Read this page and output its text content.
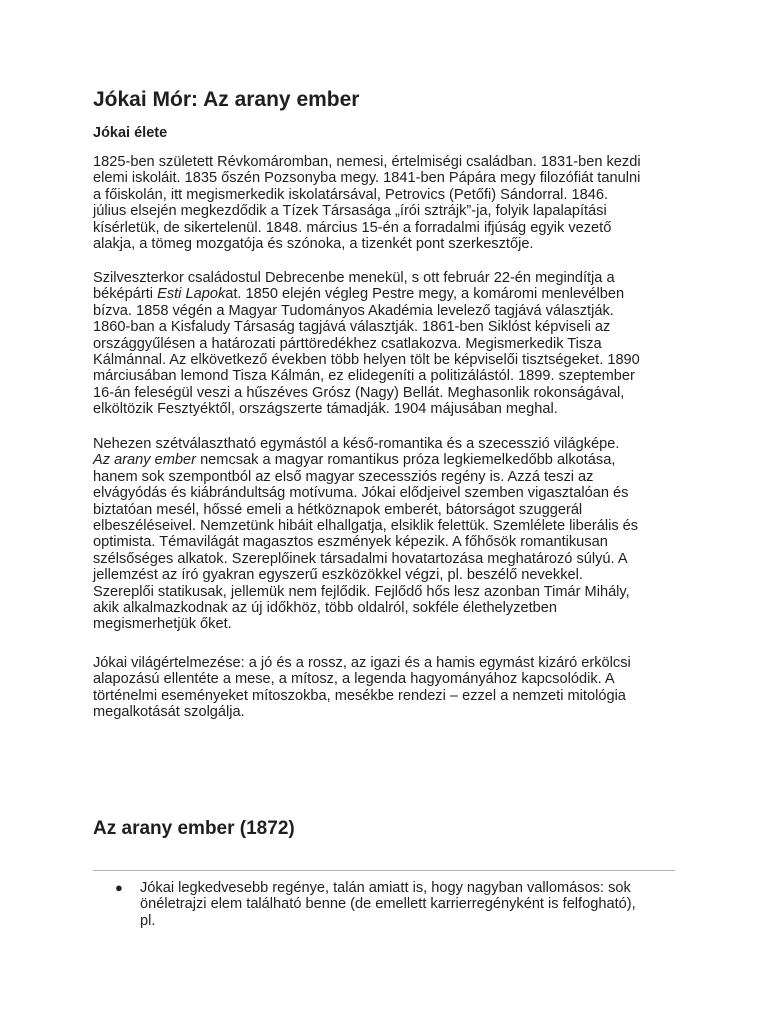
Jókai Mór: Az arany ember
Jókai élete

1825-ben született Révkomáromban, nemesi, értelmiségi családban. 1831-ben kezdi
elemi iskoláit. 1835 őszén Pozsonyba megy. 1841-ben Pápára megy filozófiát tanulni
a főiskolán, itt megismerkedik iskolatársával, Petrovics (Petőfi) Sándorral. 1846.
július elsején megkezdődik a Tízek Társasága „írói sztrájk”-ja, folyik lapalapítási
kísérletük, de sikertelenül. 1848. március 15-én a forradalmi ifjúság egyik vezető
alakja, a tömeg mozgatója és szónoka, a tizenkét pont szerkesztője.

Szilveszterkor családostul Debrecenbe menekül, s ott február 22-én megindítja a
béképárti Esti Lapokat. 1850 elején végleg Pestre megy, a komáromi menlevélben
bízva. 1858 végén a Magyar Tudományos Akadémia levelező tagjává választják.
1860-ban a Kisfaludy Társaság tagjává választják. 1861-ben Siklóst képviseli az
országgyűlésen a határozati párttöredékhez csatlakozva. Megismerkedik Tisza
Kálmánnal. Az elkövetkező években több helyen tölt be képviselői tisztségeket. 1890
márciusában lemond Tisza Kálmán, ez elidegeníti a politizálástól. 1899. szeptember
16-án feleségül veszi a hűszéves Grósz (Nagy) Bellát. Meghasonlik rokonságával,
elköltözik Fesztyéktől, országszerte támadják. 1904 májusában meghal.

Nehezen szétválasztható egymástól a késő-romantika és a szecesszió világképe.
Az arany ember nemcsak a magyar romantikus próza legkiemelkedőbb alkotása,
hanem sok szempontból az első magyar szecessziós regény is. Azzá teszi az
elvágyódás és kiábrándultság motívuma. Jókai elődjeivel szemben vigasztalóan és
biztatóan mesél, hőssé emeli a hétköznapok emberét, bátorságot szuggerál
elbeszéléseivel. Nemzetünk hibáit elhallgatja, elsiklik felettük. Szemlélete liberális és
optimista. Témavilágát magasztos eszmények képezik. A főhősök romantikusan
szélsőséges alkatok. Szereplőinek társadalmi hovatartozása meghatározó súlyú. A
jellemzést az író gyakran egyszerű eszközökkel végzi, pl. beszélő nevekkel.
Szereplői statikusak, jellemük nem fejlődik. Fejlődő hős lesz azonban Timár Mihály,
akik alkalmazkodnak az új időkhöz, több oldalról, sokféle élethelyzetben
megismerhetjük őket.

Jókai világértelmezése: a jó és a rossz, az igazi és a hamis egymást kizáró erkölcsi
alapozású ellentéte a mese, a mítosz, a legenda hagyományához kapcsolódik. A
történelmi eseményeket mítoszokba, mesékbe rendezi – ezzel a nemzeti mitológia
megalkotását szolgálja.

Az arany ember (1872)
● Jókai legkedvesebb regénye, talán amiatt is, hogy nagyban vallomásos: sok
önéletrajzi elem található benne (de emellett karrierregényként is felfogható),
pl.
